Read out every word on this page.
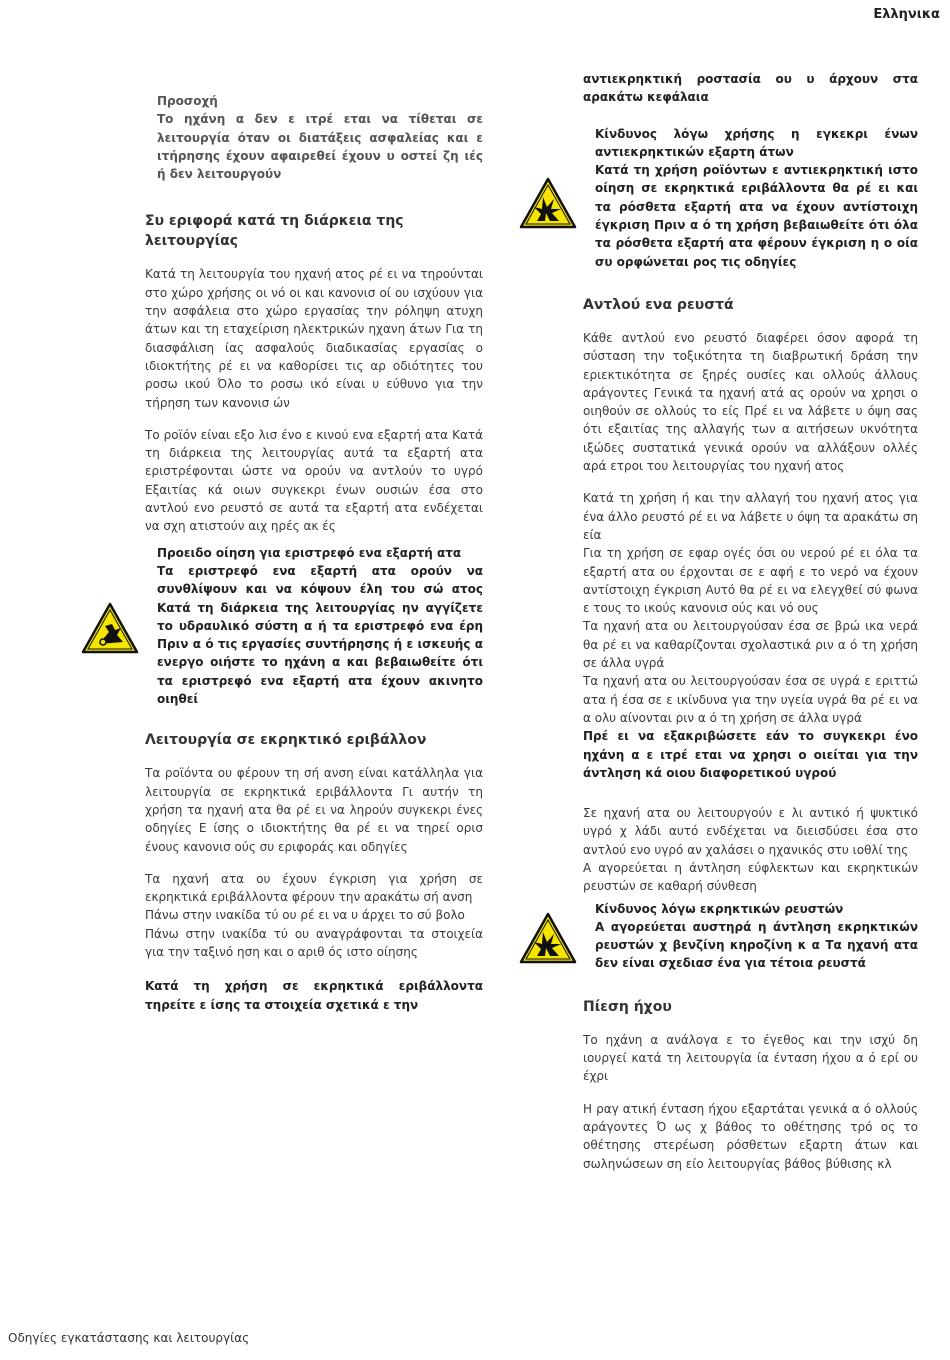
Ελληνικα

Προσοχή

Το ηχάνη α δεν ε ιτρέ εται να τίθεται σε λειτουργία όταν οι διατάξεις ασφαλείας και ε ιτήρησης έχουν αφαιρεθεί έχουν υ οστεί ζη ιές ή δεν λειτουργούν

Συ εριφορά κατά τη διάρκεια της λειτουργίας

Κατά τη λειτουργία του ηχανή ατος ρέ ει να τηρούνται στο χώρο χρήσης οι νό οι και κανονισ οί ου ισχύουν για την ασφάλεια στο χώρο εργασίας την ρόληψη ατυχη άτων και τη εταχείριση ηλεκτρικών ηχανη άτων Για τη διασφάλιση ίας ασφαλούς διαδικασίας εργασίας ο ιδιοκτήτης ρέ ει να καθορίσει τις αρ οδιότητες του ροσω ικού Όλο το ροσω ικό είναι υ εύθυνο για την τήρηση των κανονισ ών

Το ροϊόν είναι εξο λισ ένο ε κινού ενα εξαρτή ατα Κατά τη διάρκεια της λειτουργίας αυτά τα εξαρτή ατα εριστρέφονται ώστε να ορούν να αντλούν το υγρό Εξαιτίας κά οιων συγκεκρι ένων ουσιών έσα στο αντλού ενο ρευστό σε αυτά τα εξαρτή ατα ενδέχεται να σχη ατιστούν αιχ ηρές ακ ές

Προειδο οίηση για εριστρεφό ενα εξαρτή ατα

Τα εριστρεφό ενα εξαρτή ατα ορούν να συνθλίψουν και να κόψουν έλη του σώ ατος Κατά τη διάρκεια της λειτουργίας ην αγγίζετε το υδραυλικό σύστη α ή τα εριστρεφό ενα έρη Πριν α ό τις εργασίες συντήρησης ή ε ισκευής α ενεργο οιήστε το ηχάνη α και βεβαιωθείτε ότι τα εριστρεφό ενα εξαρτή ατα έχουν ακινητο οιηθεί

Λειτουργία σε εκρηκτικό εριβάλλον

Τα ροϊόντα ου φέρουν τη σή ανση είναι κατάλληλα για λειτουργία σε εκρηκτικά εριβάλλοντα Γι αυτήν τη χρήση τα ηχανή ατα θα ρέ ει να ληρούν συγκεκρι ένες οδηγίες Ε ίσης ο ιδιοκτήτης θα ρέ ει να τηρεί ορισ ένους κανονισ ούς συ εριφοράς και οδηγίες

Τα ηχανή ατα ου έχουν έγκριση για χρήση σε εκρηκτικά εριβάλλοντα φέρουν την αρακάτω σή ανση

Πάνω στην ινακίδα τύ ου ρέ ει να υ άρχει το σύ βολο

Πάνω στην ινακίδα τύ ου αναγράφονται τα στοιχεία για την ταξινό ηση και ο αριθ ός ιστο οίησης

Κατά τη χρήση σε εκρηκτικά εριβάλλοντα τηρείτε ε ίσης τα στοιχεία σχετικά ε την

αντιεκρηκτική ροστασία ου υ άρχουν στα αρακάτω κεφάλαια

Κίνδυνος λόγω χρήσης η εγκεκρι ένων αντιεκρηκτικών εξαρτη άτων

Κατά τη χρήση ροϊόντων ε αντιεκρηκτική ιστο οίηση σε εκρηκτικά εριβάλλοντα θα ρέ ει και τα ρόσθετα εξαρτή ατα να έχουν αντίστοιχη έγκριση Πριν α ό τη χρήση βεβαιωθείτε ότι όλα τα ρόσθετα εξαρτή ατα φέρουν έγκριση η ο οία συ ορφώνεται ρος τις οδηγίες

Αντλού ενα ρευστά

Κάθε αντλού ενο ρευστό διαφέρει όσον αφορά τη σύσταση την τοξικότητα τη διαβρωτική δράση την εριεκτικότητα σε ξηρές ουσίες και ολλούς άλλους αράγοντες Γενικά τα ηχανή ατά ας ορούν να χρησι ο οιηθούν σε ολλούς το είς Πρέ ει να λάβετε υ όψη σας ότι εξαιτίας της αλλαγής των α αιτήσεων υκνότητα ιξώδες συστατικά γενικά ορούν να αλλάξουν ολλές αρά ετροι του λειτουργίας του ηχανή ατος

Κατά τη χρήση ή και την αλλαγή του ηχανή ατος για ένα άλλο ρευστό ρέ ει να λάβετε υ όψη τα αρακάτω ση εία

Για τη χρήση σε εφαρ ογές όσι ου νερού ρέ ει όλα τα εξαρτή ατα ου έρχονται σε ε αφή ε το νερό να έχουν αντίστοιχη έγκριση Αυτό θα ρέ ει να ελεγχθεί σύ φωνα ε τους το ικούς κανονισ ούς και νό ους

Τα ηχανή ατα ου λειτουργούσαν έσα σε βρώ ικα νερά θα ρέ ει να καθαρίζονται σχολαστικά ριν α ό τη χρήση σε άλλα υγρά

Τα ηχανή ατα ου λειτουργούσαν έσα σε υγρά ε εριττώ ατα ή έσα σε ε ικίνδυνα για την υγεία υγρά θα ρέ ει να α ολυ αίνονται ριν α ό τη χρήση σε άλλα υγρά

Πρέ ει να εξακριβώσετε εάν το συγκεκρι ένο ηχάνη α ε ιτρέ εται να χρησι ο οιείται για την άντληση κά οιου διαφορετικού υγρού

Σε ηχανή ατα ου λειτουργούν ε λι αντικό ή ψυκτικό υγρό χ λάδι αυτό ενδέχεται να διεισδύσει έσα στο αντλού ενο υγρό αν χαλάσει ο ηχανικός στυ ιοθλί της

Α αγορεύεται η άντληση εύφλεκτων και εκρηκτικών ρευστών σε καθαρή σύνθεση

Κίνδυνος λόγω εκρηκτικών ρευστών

Α αγορεύεται αυστηρά η άντληση εκρηκτικών ρευστών χ βενζίνη κηροζίνη κ α Τα ηχανή ατα δεν είναι σχεδιασ ένα για τέτοια ρευστά

Πίεση ήχου

Το ηχάνη α ανάλογα ε το έγεθος και την ισχύ δη ιουργεί κατά τη λειτουργία ία ένταση ήχου α ό ερί ου έχρι

Η ραγ ατική ένταση ήχου εξαρτάται γενικά α ό ολλούς αράγοντες Ό ως χ βάθος το οθέτησης τρό ος το οθέτησης στερέωση ρόσθετων εξαρτη άτων και σωληνώσεων ση είο λειτουργίας βάθος βύθισης κλ

Οδηγίες εγκατάστασης και λειτουργίας
